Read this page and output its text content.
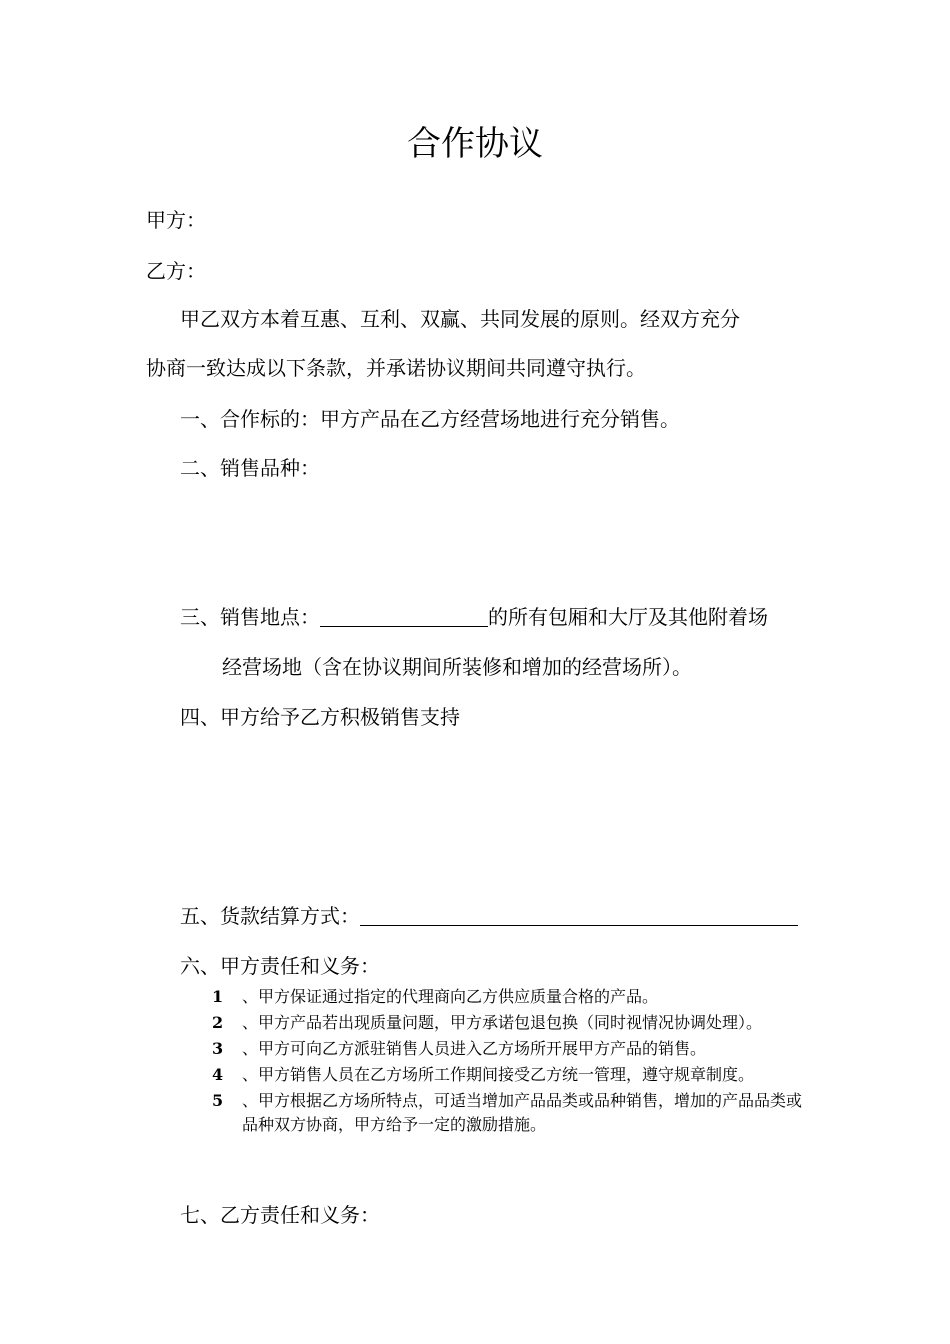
合作协议
甲方：
乙方：
甲乙双方本着互惠、互利、双赢、共同发展的原则。经双方充分
协商一致达成以下条款，并承诺协议期间共同遵守执行。
一、合作标的：甲方产品在乙方经营场地进行充分销售。
二、销售品种：
三、销售地点：	的所有包厢和大厅及其他附着场
经营场地（含在协议期间所装修和增加的经营场所）。
四、甲方给予乙方积极销售支持
五、货款结算方式：
六、甲方责任和义务：
1 、甲方保证通过指定的代理商向乙方供应质量合格的产品。
2 、甲方产品若出现质量问题，甲方承诺包退包换（同时视情况协调处理）。
3 、甲方可向乙方派驻销售人员进入乙方场所开展甲方产品的销售。
4 、甲方销售人员在乙方场所工作期间接受乙方统一管理，遵守规章制度。
5 、甲方根据乙方场所特点，可适当增加产品品类或品种销售，增加的产品品类或品种双方协商，甲方给予一定的激励措施。
七、乙方责任和义务：
